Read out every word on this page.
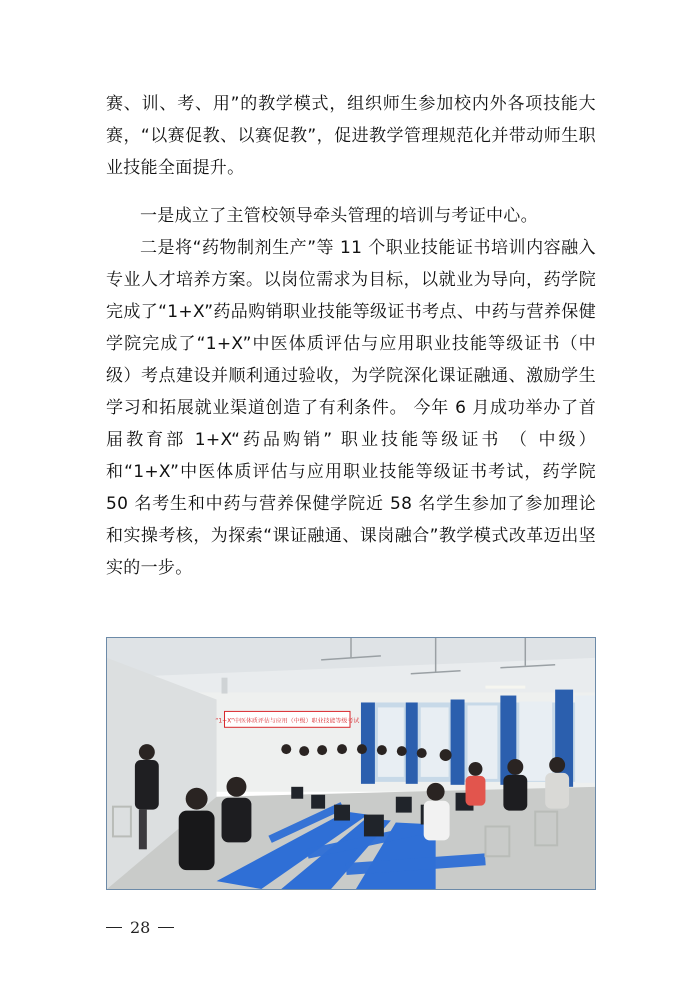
赛、训、考、用”的教学模式，组织师生参加校内外各项技能大赛，“以赛促教、以赛促教”，促进教学管理规范化并带动师生职业技能全面提升。

一是成立了主管校领导牵头管理的培训与考证中心。

二是将“药物制剂生产”等 11 个职业技能证书培训内容融入专业人才培养方案。以岗位需求为目标，以就业为导向，药学院完成了“1+X”药品购销职业技能等级证书考点、中药与营养保健学院完成了“1+X”中医体质评估与应用职业技能等级证书（中级）考点建设并顺利通过验收，为学院深化课证融通、激励学生学习和拓展就业渠道创造了有利条件。 今年 6 月成功举办了首届教育部 1+X“药品购销” 职业技能等级证书 （ 中级）和“1+X”中医体质评估与应用职业技能等级证书考试，药学院 50 名考生和中药与营养保健学院近 58 名学生参加了参加理论和实操考核，为探索“课证融通、课岗融合”教学模式改革迈出坚实的一步。

“1+X”中医体质评估与应用（中级）职业技能等级考试
28
